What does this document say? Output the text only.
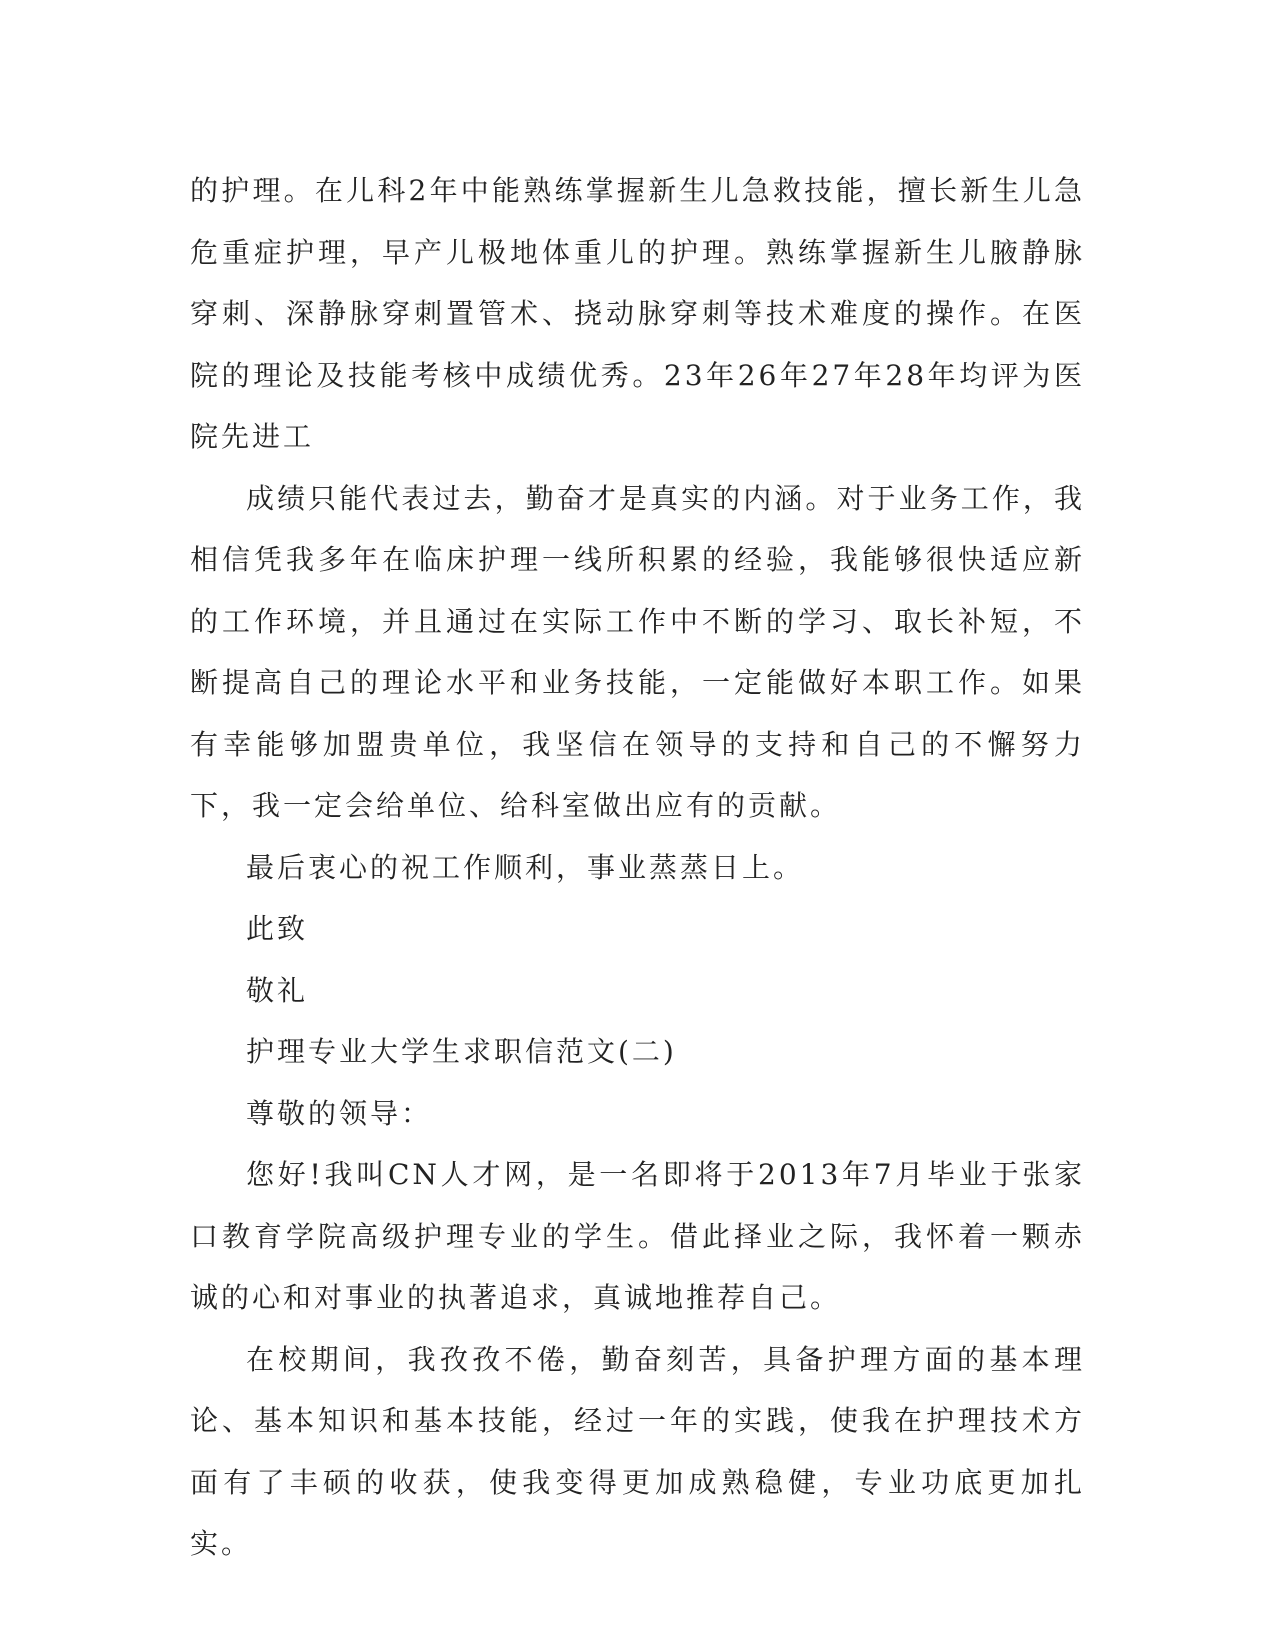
的护理。在儿科2年中能熟练掌握新生儿急救技能，擅长新生儿急危重症护理，早产儿极地体重儿的护理。熟练掌握新生儿腋静脉穿刺、深静脉穿刺置管术、挠动脉穿刺等技术难度的操作。在医院的理论及技能考核中成绩优秀。23年26年27年28年均评为医院先进工

成绩只能代表过去，勤奋才是真实的内涵。对于业务工作，我相信凭我多年在临床护理一线所积累的经验，我能够很快适应新的工作环境，并且通过在实际工作中不断的学习、取长补短，不断提高自己的理论水平和业务技能，一定能做好本职工作。如果有幸能够加盟贵单位，我坚信在领导的支持和自己的不懈努力下，我一定会给单位、给科室做出应有的贡献。

最后衷心的祝工作顺利，事业蒸蒸日上。

此致

敬礼

护理专业大学生求职信范文(二)

尊敬的领导：

您好!我叫CN人才网，是一名即将于2013年7月毕业于张家口教育学院高级护理专业的学生。借此择业之际，我怀着一颗赤诚的心和对事业的执著追求，真诚地推荐自己。

在校期间，我孜孜不倦，勤奋刻苦，具备护理方面的基本理论、基本知识和基本技能，经过一年的实践，使我在护理技术方面有了丰硕的收获，使我变得更加成熟稳健，专业功底更加扎实。
